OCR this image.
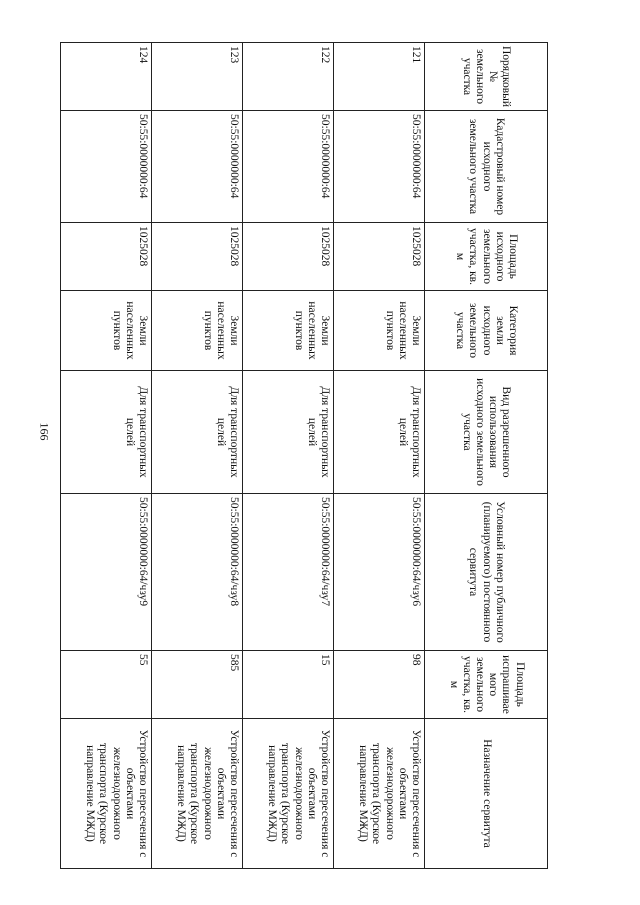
166
Порядковый № земельного участка	Кадастровый номер исходного земельного участка	Площадь исходного земельного участка, кв. м	Категория земли исходного земельного участка	Вид разрешенного использования исходного земельного участка	Условный номер публичного (планируемого) постоянного сервитута	Площадь испрашиваемого земельного участка, кв. м	Назначение сервитута
121	50:55:0000000:64	1025028	Земли населенных пунктов	Для транспортных целей	50:55:0000000:64/чзу6	98	Устройство пересечения с объектами железнодорожного транспорта (Курское направление МЖД)
122	50:55:0000000:64	1025028	Земли населенных пунктов	Для транспортных целей	50:55:0000000:64/чзу7	15	Устройство пересечения с объектами железнодорожного транспорта (Курское направление МЖД)
123	50:55:0000000:64	1025028	Земли населенных пунктов	Для транспортных целей	50:55:0000000:64/чзу8	585	Устройство пересечения с объектами железнодорожного транспорта (Курское направление МЖД)
124	50:55:0000000:64	1025028	Земли населенных пунктов	Для транспортных целей	50:55:0000000:64/чзу9	55	Устройство пересечения с объектами железнодорожного транспорта (Курское направление МЖД)
